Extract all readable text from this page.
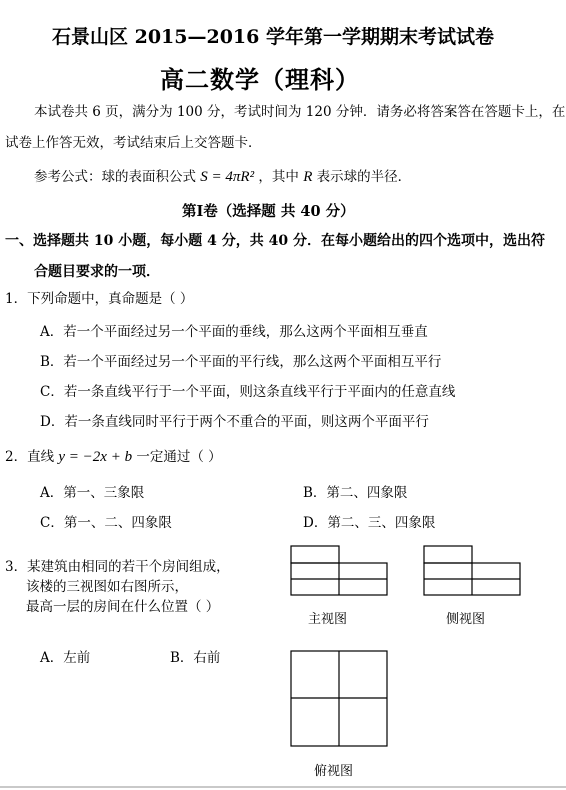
石景山区 2015—2016 学年第一学期期末考试试卷
高二数学（理科）
本试卷共 6 页，满分为 100 分，考试时间为 120 分钟．请务必将答案答在答题卡上，在
试卷上作答无效，考试结束后上交答题卡．
参考公式：球的表面积公式 S = 4πR² ，其中 R 表示球的半径．
第Ⅰ卷（选择题 共 40 分）
一、选择题共 10 小题，每小题 4 分，共 40 分．在每小题给出的四个选项中，选出符
合题目要求的一项．
1．下列命题中，真命题是（ ）
A．若一个平面经过另一个平面的垂线，那么这两个平面相互垂直
B．若一个平面经过另一个平面的平行线，那么这两个平面相互平行
C．若一条直线平行于一个平面，则这条直线平行于平面内的任意直线
D．若一条直线同时平行于两个不重合的平面，则这两个平面平行
2．直线 y = −2x + b 一定通过（ ）
A．第一、三象限	B．第二、四象限
C．第一、二、四象限	D．第二、三、四象限
3．某建筑由相同的若干个房间组成，
该楼的三视图如右图所示，
最高一层的房间在什么位置（ ）
A．左前	B．右前
主视图	侧视图
俯视图
